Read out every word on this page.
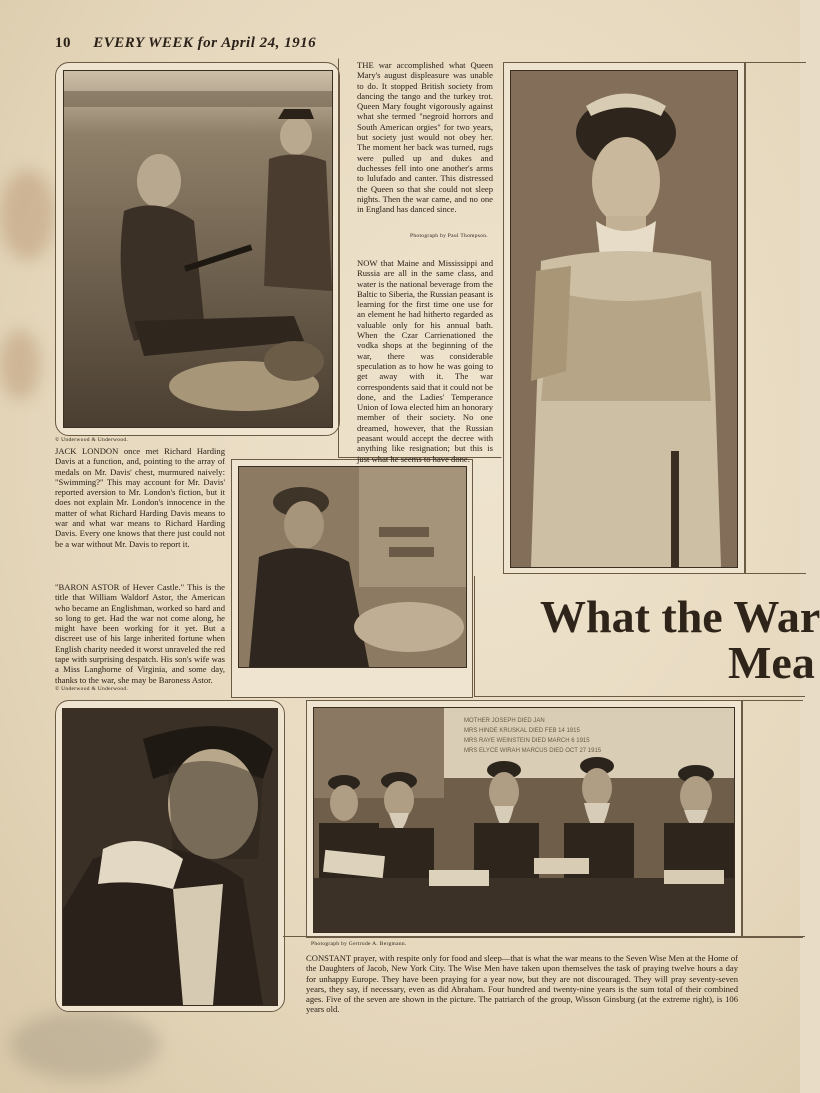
10 EVERY WEEK for April 24, 1916
© Underwood & Underwood.

JACK LONDON once met Richard Harding Davis at a function, and, pointing to the array of medals on Mr. Davis' chest, murmured naively: "Swimming?" This may account for Mr. Davis' reported aversion to Mr. London's fiction, but it does not explain Mr. London's innocence in the matter of what Richard Harding Davis means to war and what war means to Richard Harding Davis. Every one knows that there just could not be a war without Mr. Davis to report it.

"BARON ASTOR of Hever Castle." This is the title that William Waldorf Astor, the American who became an Englishman, worked so hard and so long to get. Had the war not come along, he might have been working for it yet. But a discreet use of his large inherited fortune when English charity needed it worst unraveled the red tape with surprising despatch. His son's wife was a Miss Langhorne of Virginia, and some day, thanks to the war, she may be Baroness Astor.

© Underwood & Underwood.

THE war accomplished what Queen Mary's august displeasure was unable to do. It stopped British society from dancing the tango and the turkey trot. Queen Mary fought vigorously against what she termed "negroid horrors and South American orgies" for two years, but society just would not obey her. The moment her back was turned, rugs were pulled up and dukes and duchesses fell into one another's arms to lulufado and canter. This distressed the Queen so that she could not sleep nights. Then the war came, and no one in England has danced since.

Photograph by Paul Thompson.

NOW that Maine and Mississippi and Russia are all in the same class, and water is the national beverage from the Baltic to Siberia, the Russian peasant is learning for the first time one use for an element he had hitherto regarded as valuable only for his annual bath. When the Czar Carrienationed the vodka shops at the beginning of the war, there was considerable speculation as to how he was going to get away with it. The war correspondents said that it could not be done, and the Ladies' Temperance Union of Iowa elected him an honorary member of their society. No one dreamed, however, that the Russian peasant would accept the decree with anything like resignation; but this is just what he seems to have done.

What the War
Mea
MOTHER JOSEPH DIED JAN
MRS HINDE KRUSKAL DIED FEB 14 1915
MRS RAYE WEINSTEIN DIED MARCH 6 1915
MRS ELYCE WIRAH MARCUS DIED OCT 27 1915
Photograph by Gertrude A. Bergmann.

CONSTANT prayer, with respite only for food and sleep—that is what the war means to the Seven Wise Men at the Home of the Daughters of Jacob, New York City. The Wise Men have taken upon themselves the task of praying twelve hours a day for unhappy Europe. They have been praying for a year now, but they are not discouraged. They will pray seventy-seven years, they say, if necessary, even as did Abraham. Four hundred and twenty-nine years is the sum total of their combined ages. Five of the seven are shown in the picture. The patriarch of the group, Wisson Ginsburg (at the extreme right), is 106 years old.
